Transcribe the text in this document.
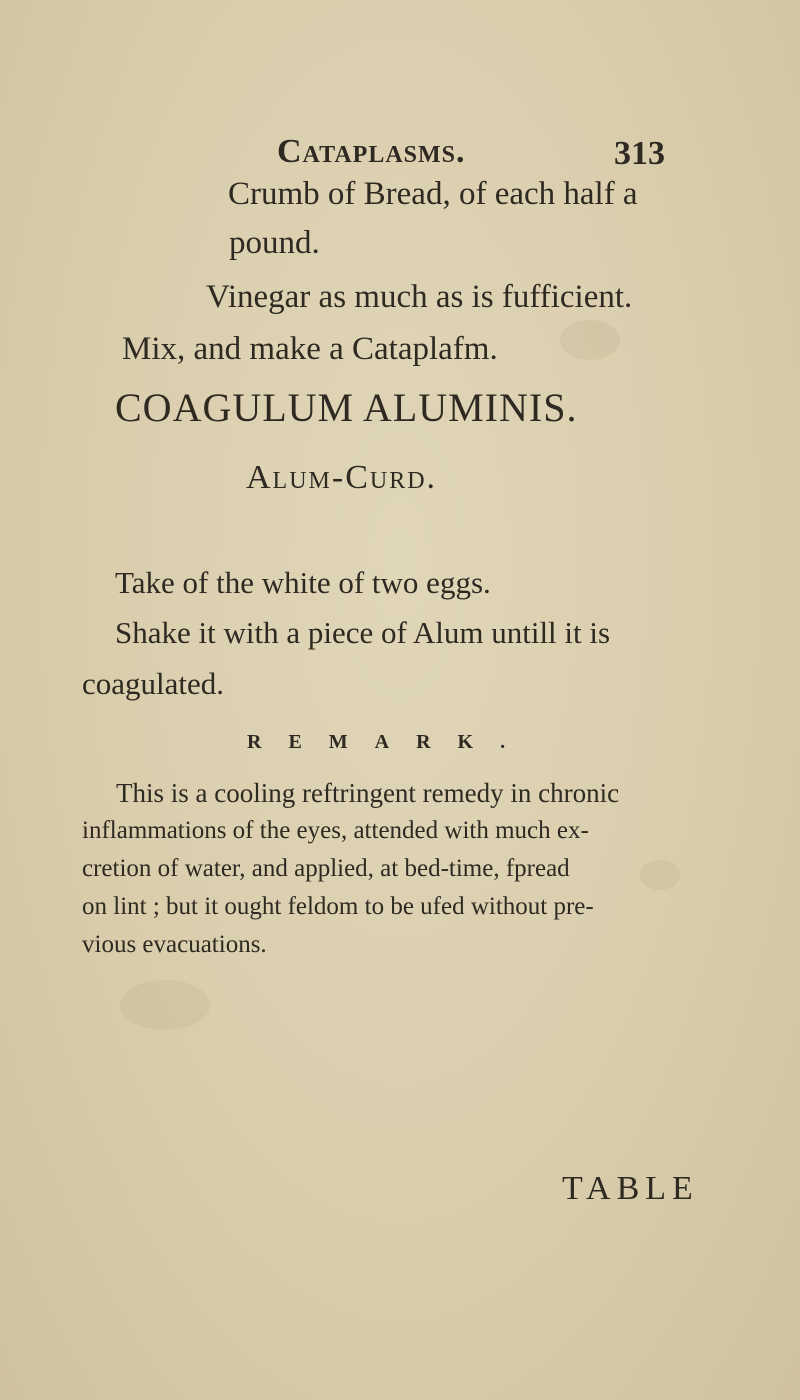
Cataplasms.	313
Crumb of Bread, of each half a
pound.
Vinegar as much as is fufficient.
Mix, and make a Cataplafm.
COAGULUM ALUMINIS.
Alum-Curd.
Take of the white of two eggs.
Shake it with a piece of Alum untill it is
coagulated.
REMARK.
This is a cooling reftringent remedy in chronic
inflammations of the eyes, attended with much ex-
cretion of water, and applied, at bed-time, fpread
on lint ; but it ought feldom to be ufed without pre-
vious evacuations.
TABLE
